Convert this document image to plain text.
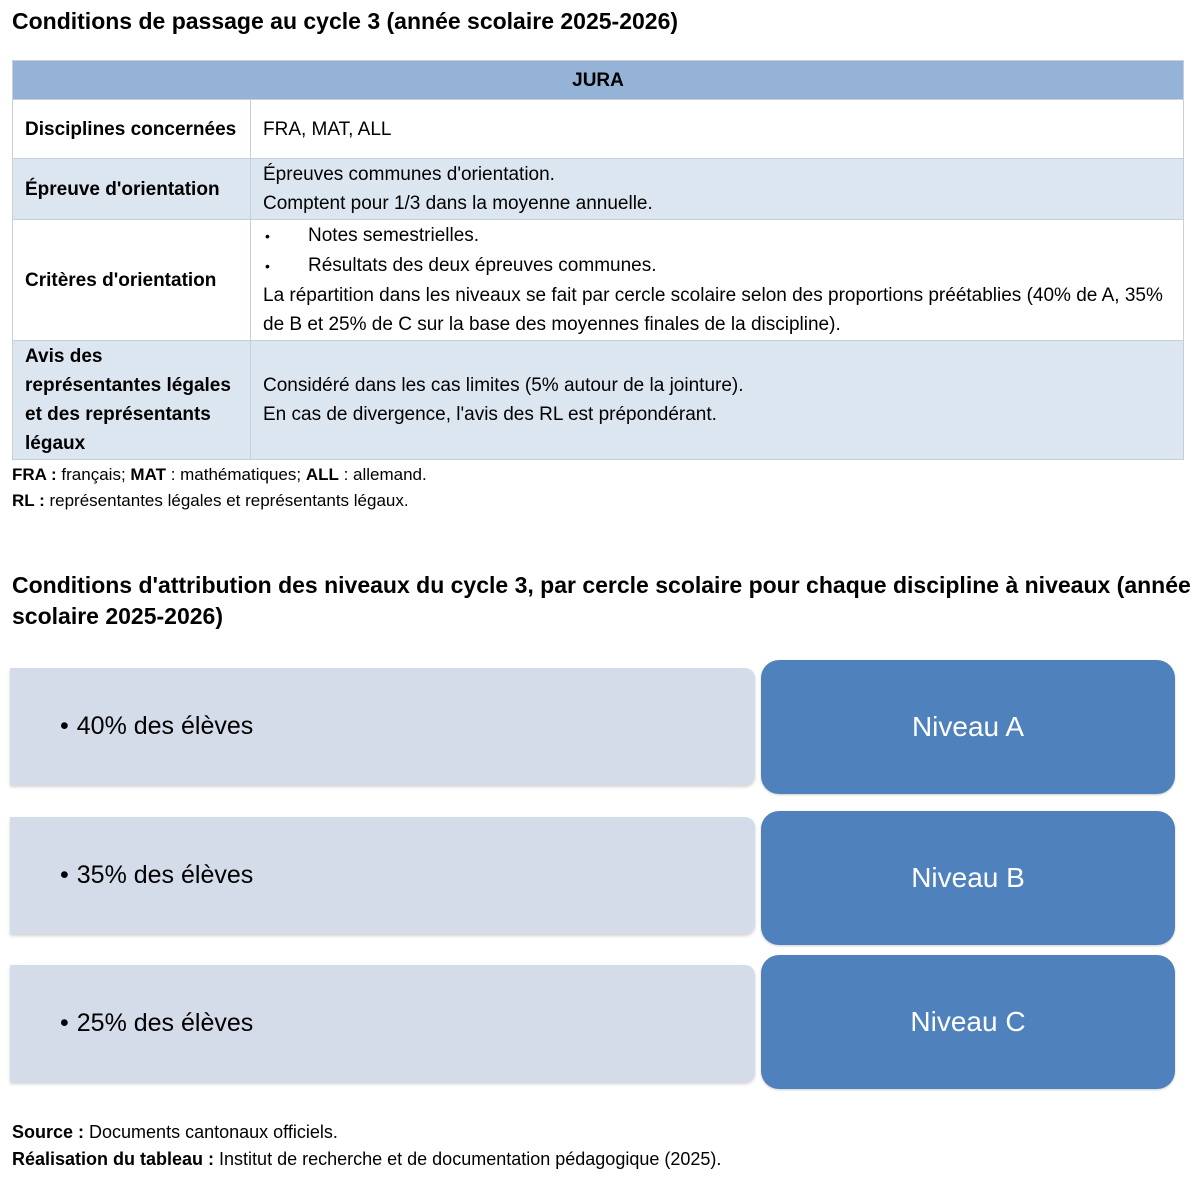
Conditions de passage au cycle 3 (année scolaire 2025-2026)
JURA	
Disciplines concernées	FRA, MAT, ALL

Épreuve d'orientation	Épreuves communes d'orientation.
Comptent pour 1/3 dans la moyenne annuelle.

Critères d'orientation	• Notes semestrielles.
• Résultats des deux épreuves communes.
La répartition dans les niveaux se fait par cercle scolaire selon des proportions préétablies (40% de A, 35% de B et 25% de C sur la base des moyennes finales de la discipline).

Avis des représentantes légales et des représentants légaux	Considéré dans les cas limites (5% autour de la jointure).
En cas de divergence, l'avis des RL est prépondérant.
FRA : français; MAT : mathématiques; ALL : allemand.
RL : représentantes légales et représentants légaux.
Conditions d'attribution des niveaux du cycle 3, par cercle scolaire pour chaque discipline à niveaux (année scolaire 2025-2026)
• 40% des élèves	Niveau A
• 35% des élèves	Niveau B
• 25% des élèves	Niveau C
Source : Documents cantonaux officiels.
Réalisation du tableau : Institut de recherche et de documentation pédagogique (2025).
